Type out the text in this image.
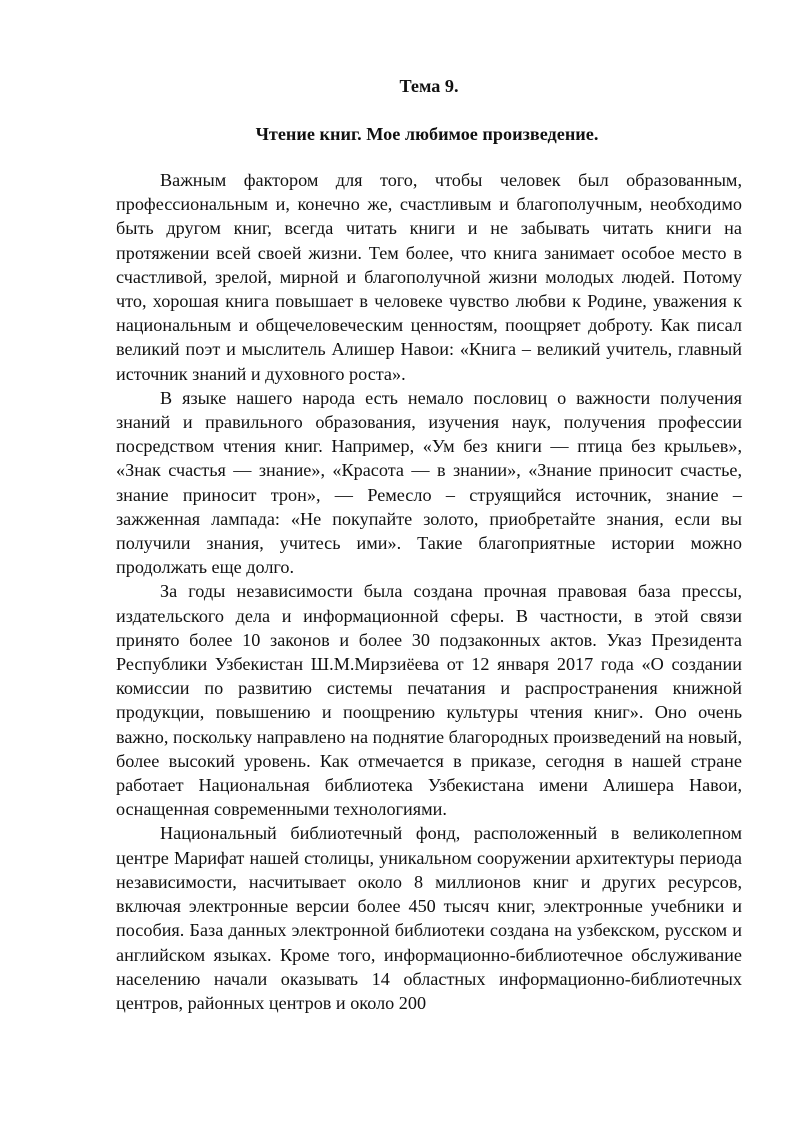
Тема 9.

Чтение книг. Мое любимое произведение.

Важным фактором для того, чтобы человек был образованным, профессиональным и, конечно же, счастливым и благополучным, необходимо быть другом книг, всегда читать книги и не забывать читать книги на протяжении всей своей жизни. Тем более, что книга занимает особое место в счастливой, зрелой, мирной и благополучной жизни молодых людей. Потому что, хорошая книга повышает в человеке чувство любви к Родине, уважения к национальным и общечеловеческим ценностям, поощряет доброту. Как писал великий поэт и мыслитель Алишер Навои: «Книга – великий учитель, главный источник знаний и духовного роста».

В языке нашего народа есть немало пословиц о важности получения знаний и правильного образования, изучения наук, получения профессии посредством чтения книг. Например, «Ум без книги — птица без крыльев», «Знак счастья — знание», «Красота — в знании», «Знание приносит счастье, знание приносит трон», — Ремесло – струящийся источник, знание – зажженная лампада: «Не покупайте золото, приобретайте знания, если вы получили знания, учитесь ими». Такие благоприятные истории можно продолжать еще долго.

За годы независимости была создана прочная правовая база прессы, издательского дела и информационной сферы. В частности, в этой связи принято более 10 законов и более 30 подзаконных актов. Указ Президента Республики Узбекистан Ш.М.Мирзиёева от 12 января 2017 года «О создании комиссии по развитию системы печатания и распространения книжной продукции, повышению и поощрению культуры чтения книг». Оно очень важно, поскольку направлено на поднятие благородных произведений на новый, более высокий уровень. Как отмечается в приказе, сегодня в нашей стране работает Национальная библиотека Узбекистана имени Алишера Навои, оснащенная современными технологиями.

Национальный библиотечный фонд, расположенный в великолепном центре Марифат нашей столицы, уникальном сооружении архитектуры периода независимости, насчитывает около 8 миллионов книг и других ресурсов, включая электронные версии более 450 тысяч книг, электронные учебники и пособия. База данных электронной библиотеки создана на узбекском, русском и английском языках. Кроме того, информационно-библиотечное обслуживание населению начали оказывать 14 областных информационно-библиотечных центров, районных центров и около 200
